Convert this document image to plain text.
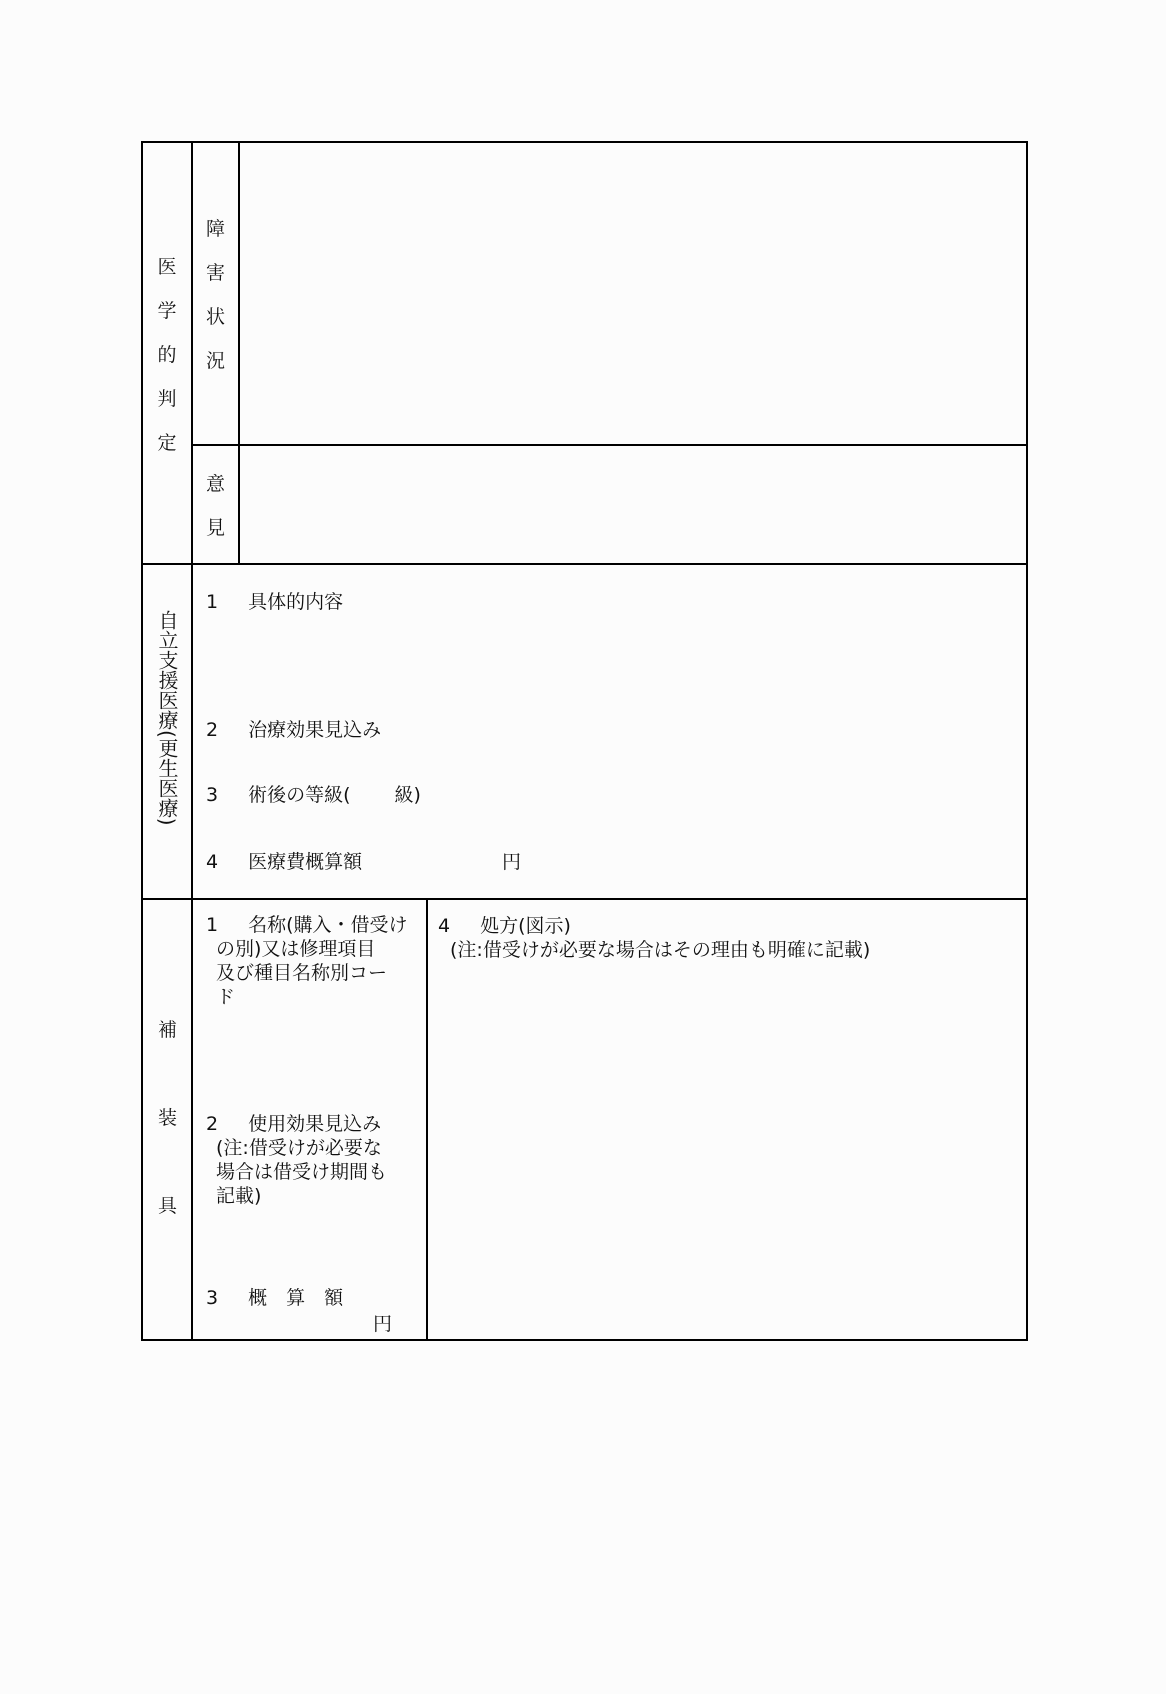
医
学
的
判
定
障
害
状
況
意
見
自立支援医療(更生医療)
1 具体的内容
2 治療効果見込み
3 術後の等級( 級)
4 医療費概算額	円
補
装
具
1 名称(購入・借受け
の別)又は修理項目
及び種目名称別コー
ド
2 使用効果見込み
(注:借受けが必要な
場合は借受け期間も
記載)
3 概　算　額
円
4 処方(図示)
(注:借受けが必要な場合はその理由も明確に記載)
